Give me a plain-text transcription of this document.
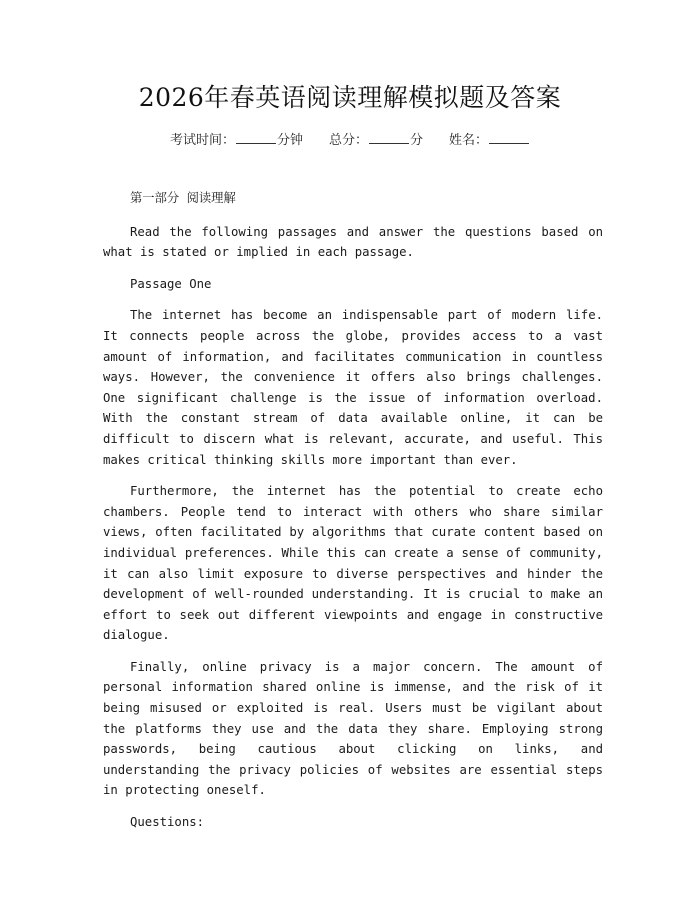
2026年春英语阅读理解模拟题及答案
考试时间：	分钟 总分：	分 姓名：

第一部分 阅读理解

Read the following passages and answer the questions based on what is stated or implied in each passage.

Passage One

The internet has become an indispensable part of modern life. It connects people across the globe, provides access to a vast amount of information, and facilitates communication in countless ways. However, the convenience it offers also brings challenges. One significant challenge is the issue of information overload. With the constant stream of data available online, it can be difficult to discern what is relevant, accurate, and useful. This makes critical thinking skills more important than ever.

Furthermore, the internet has the potential to create echo chambers. People tend to interact with others who share similar views, often facilitated by algorithms that curate content based on individual preferences. While this can create a sense of community, it can also limit exposure to diverse perspectives and hinder the development of well-rounded understanding. It is crucial to make an effort to seek out different viewpoints and engage in constructive dialogue.

Finally, online privacy is a major concern. The amount of personal information shared online is immense, and the risk of it being misused or exploited is real. Users must be vigilant about the platforms they use and the data they share. Employing strong passwords, being cautious about clicking on links, and understanding the privacy policies of websites are essential steps in protecting oneself.

Questions:
